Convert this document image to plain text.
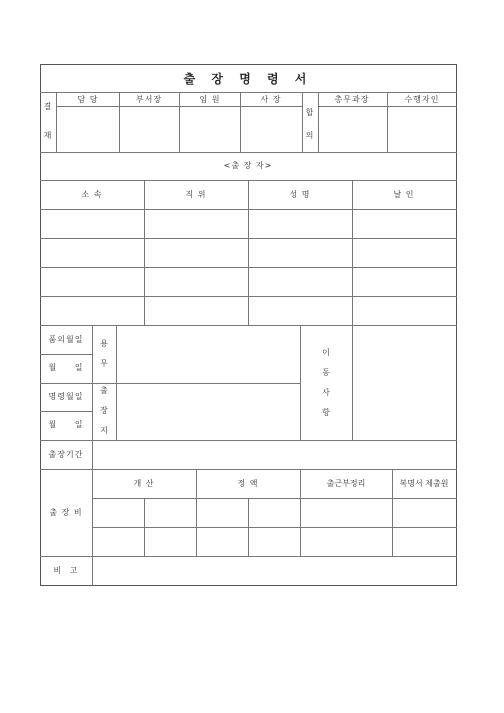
출 장 명 령 서
결
재
담 당	부서장	임 원	사 장
합
의
총무과장	수행자인
<출 장 자>
소 속	직 위	성 명	날 인
품의월일
월 일
명령월일
월 일
용
무
출
장
지
이
동
사
항
출장기간
출 장 비
개 산	정 액	출근부정리	복명서 제출원
비 고
